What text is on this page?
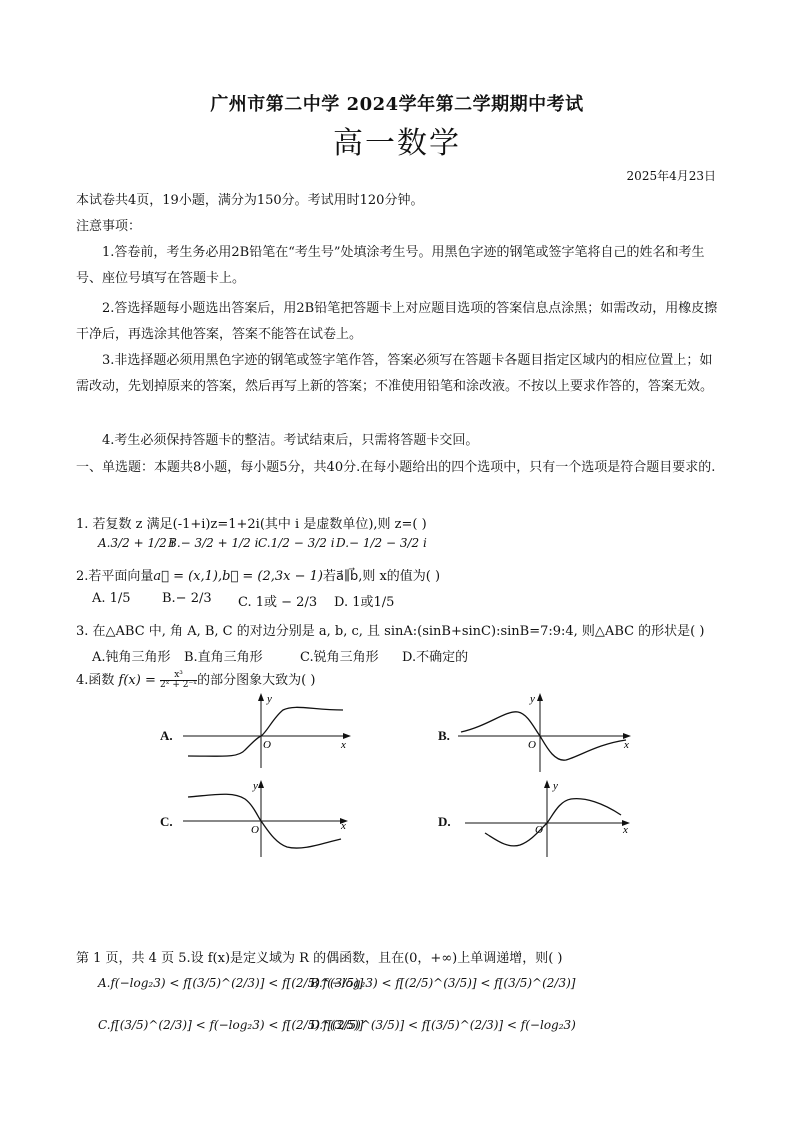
广州市第二中学 2024学年第二学期期中考试
高一数学
2025年4月23日
本试卷共4页，19小题，满分为150分。考试用时120分钟。
注意事项：
1.答卷前，考生务必用2B铅笔在“考生号”处填涂考生号。用黑色字迹的钢笔或签字笔将自己的姓名和考生号、座位号填写在答题卡上。
2.答选择题每小题选出答案后，用2B铅笔把答题卡上对应题目选项的答案信息点涂黑；如需改动，用橡皮擦干净后，再选涂其他答案，答案不能答在试卷上。
3.非选择题必须用黑色字迹的钢笔或签字笔作答，答案必须写在答题卡各题目指定区域内的相应位置上；如需改动，先划掉原来的答案，然后再写上新的答案；不准使用铅笔和涂改液。不按以上要求作答的，答案无效。
4.考生必须保持答题卡的整洁。考试结束后，只需将答题卡交回。
一、单选题：本题共8小题，每小题5分，共40分.在每小题给出的四个选项中，只有一个选项是符合题目要求的.
1. 若复数 z 满足(-1+i)z=1+2i(其中 i 是虚数单位),则 z=( )
A.3/2 + 1/2 i
B.− 3/2 + 1/2 i C.1/2 − 3/2 i D.− 1/2 − 3/2 i
2.若平面向量a⃗ = (x,1),b⃗ = (2,3x − 1)若a⃗∥b⃗,则 x的值为( )
A. 1/5 B.− 2/3 C. 1或 − 2/3 D. 1或1/5
3. 在△ABC 中, 角 A, B, C 的对边分别是 a, b, c, 且 sinA:(sinB+sinC):sinB=7:9:4, 则△ABC 的形状是( )
A.钝角三角形 B.直角三角形	C.锐角三角形 D.不确定的
4.函数 $f(x) = \frac{\text{x³}}{\text{2ˣ + 2⁻ˣ}}$ 的部分图象大致为( )
A.
y
x
O
B.
y
x
O
C.
y
x
O
D.
y
x
O
第 1 页，共 4 页 5.设 f(x)是定义域为 R 的偶函数，且在(0，+∞)上单调递增，则( )
A.f(−log₂3) < f[(3/5)^(2/3)] < f[(2/5)^(3/5)]
B.f(−log₂3) < f[(2/5)^(3/5)] < f[(3/5)^(2/3)]
C.f[(3/5)^(2/3)] < f(−log₂3) < f[(2/5)^(3/5)]
D.f[(2/5)^(3/5)] < f[(3/5)^(2/3)] < f(−log₂3)
